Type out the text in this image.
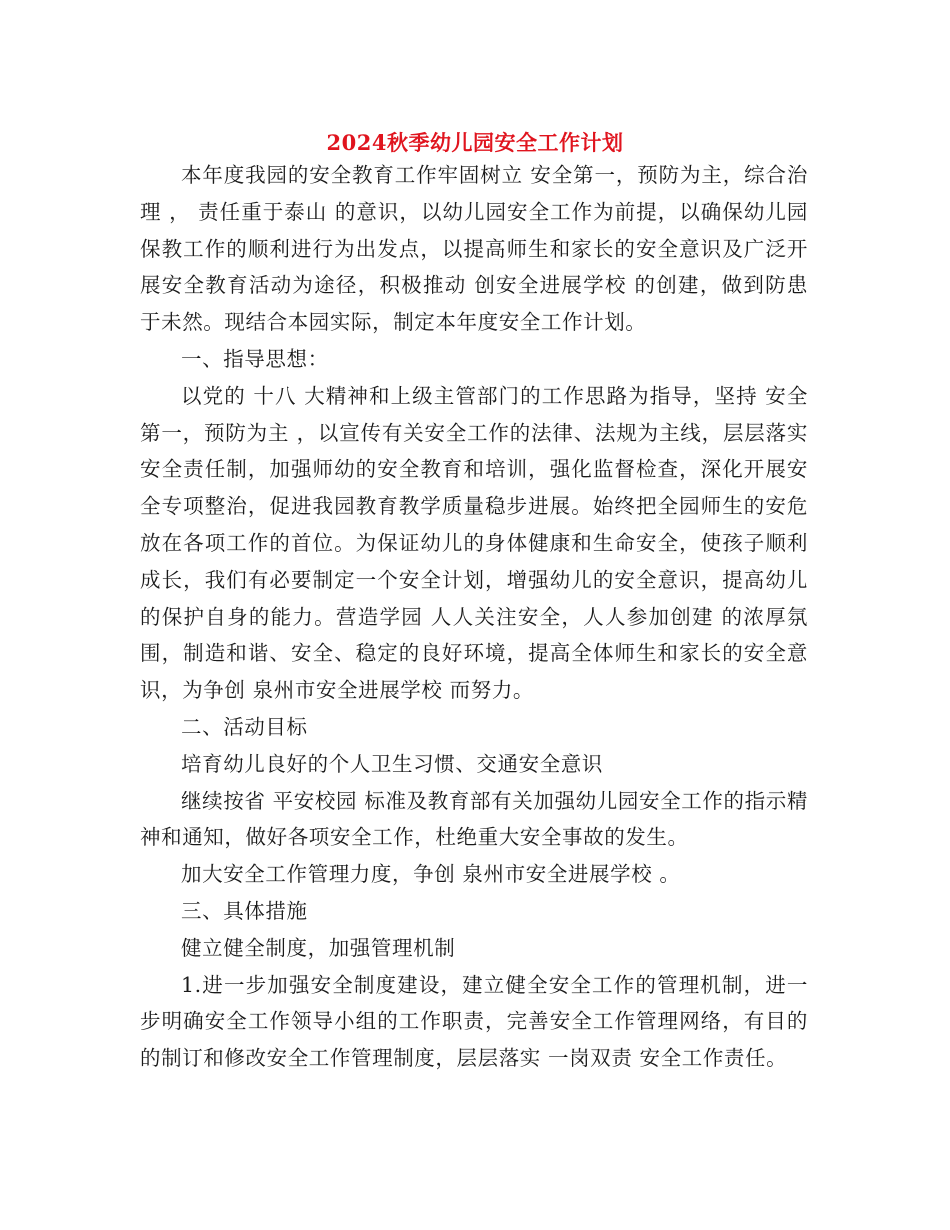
2024秋季幼儿园安全工作计划

本年度我园的安全教育工作牢固树立 安全第一，预防为主，综合治理 ， 责任重于泰山 的意识，以幼儿园安全工作为前提，以确保幼儿园保教工作的顺利进行为出发点，以提高师生和家长的安全意识及广泛开展安全教育活动为途径，积极推动 创安全进展学校 的创建，做到防患于未然。现结合本园实际，制定本年度安全工作计划。

一、指导思想：

以党的 十八 大精神和上级主管部门的工作思路为指导，坚持 安全第一，预防为主 ，以宣传有关安全工作的法律、法规为主线，层层落实安全责任制，加强师幼的安全教育和培训，强化监督检查，深化开展安全专项整治，促进我园教育教学质量稳步进展。始终把全园师生的安危放在各项工作的首位。为保证幼儿的身体健康和生命安全，使孩子顺利成长，我们有必要制定一个安全计划，增强幼儿的安全意识，提高幼儿的保护自身的能力。营造学园 人人关注安全，人人参加创建 的浓厚氛围，制造和谐、安全、稳定的良好环境，提高全体师生和家长的安全意识，为争创 泉州市安全进展学校 而努力。

二、活动目标

培育幼儿良好的个人卫生习惯、交通安全意识

继续按省 平安校园 标准及教育部有关加强幼儿园安全工作的指示精神和通知，做好各项安全工作，杜绝重大安全事故的发生。

加大安全工作管理力度，争创 泉州市安全进展学校 。

三、具体措施

健立健全制度，加强管理机制

1.进一步加强安全制度建设，建立健全安全工作的管理机制，进一步明确安全工作领导小组的工作职责，完善安全工作管理网络，有目的的制订和修改安全工作管理制度，层层落实 一岗双责 安全工作责任。
